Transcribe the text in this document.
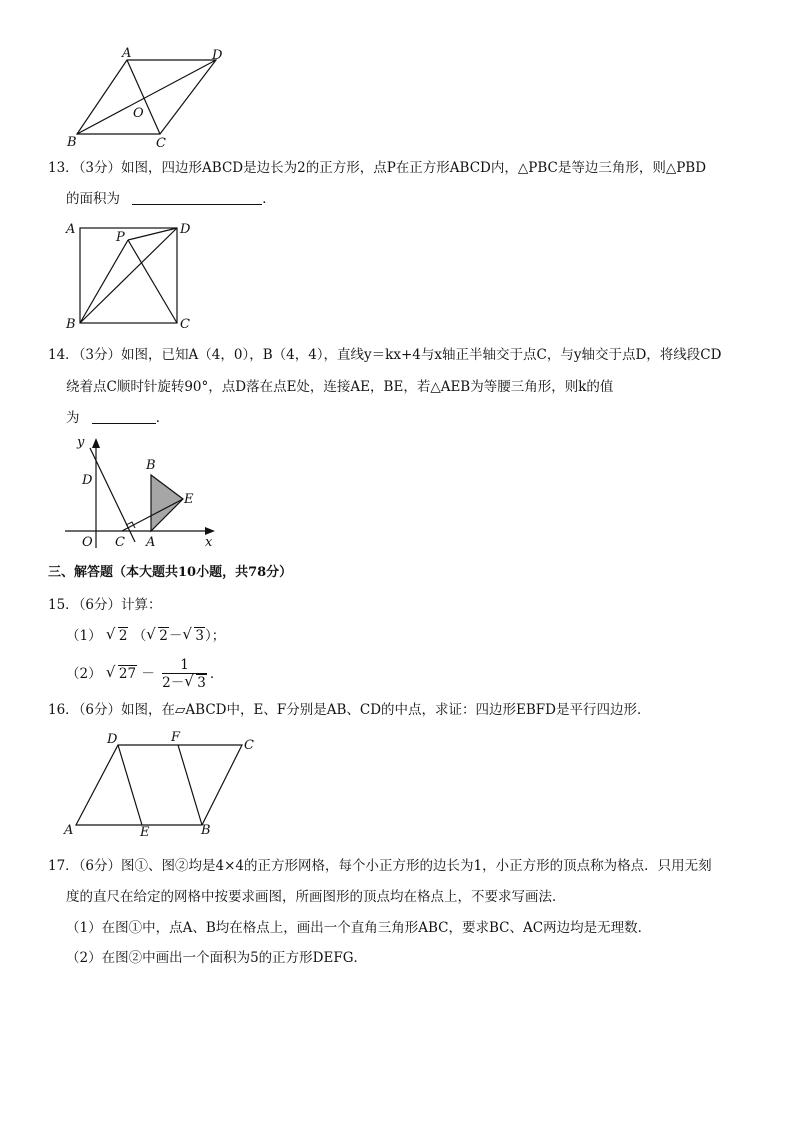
A	D
B	C
O
13．（3分）如图，四边形ABCD是边长为2的正方形，点P在正方形ABCD内，△PBC是等边三角形，则△PBD
的面积为	．
A
P
D
B	C
14．（3分）如图，已知A（4，0），B（4，4），直线y＝kx+4与x轴正半轴交于点C，与y轴交于点D，将线段CD
绕着点C顺时针旋转90°，点D落在点E处，连接AE，BE，若△AEB为等腰三角形，则k的值
为	．
y
x
O C A
D
B
E
三、解答题（本大题共10小题，共78分）
15．（6分）计算：
（1） √ 2 （ √ 2－ √ 3）；
（2） √ $27 - \frac{1}{2- √ 3}$ ．
16．（6分）如图，在▱ABCD中，E、F分别是AB、CD的中点，求证：四边形EBFD是平行四边形．
D	F
C
A	E	B
17．（6分）图①、图②均是4×4的正方形网格，每个小正方形的边长为1，小正方形的顶点称为格点．只用无刻
度的直尺在给定的网格中按要求画图，所画图形的顶点均在格点上，不要求写画法．
（1）在图①中，点A、B均在格点上，画出一个直角三角形ABC，要求BC、AC两边均是无理数．
（2）在图②中画出一个面积为5的正方形DEFG．
